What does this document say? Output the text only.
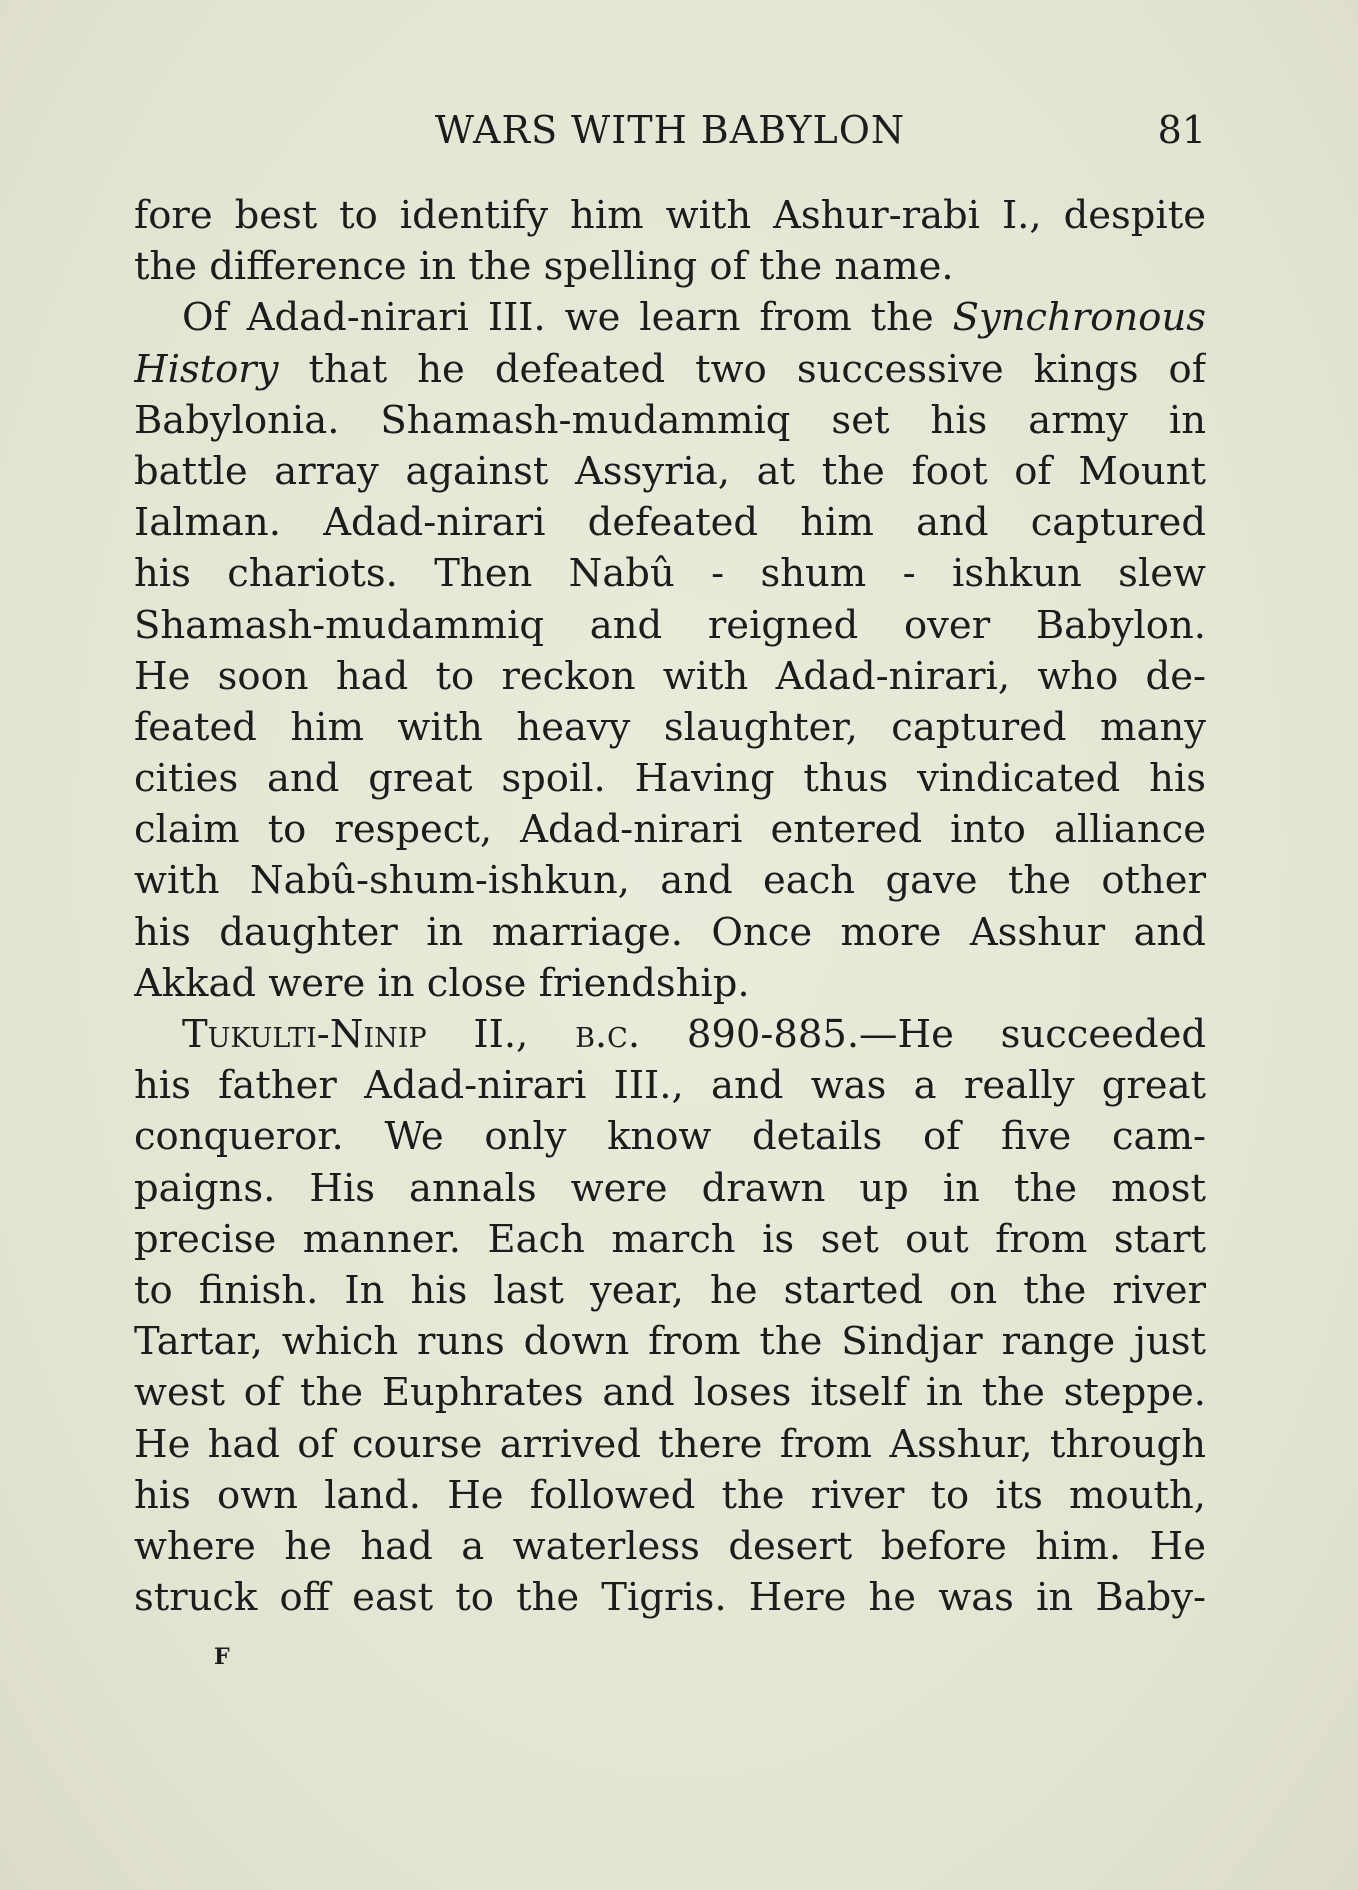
WARS WITH BABYLON	81
fore best to identify him with Ashur-rabi I., despite
the difference in the spelling of the name.
Of Adad-nirari III. we learn from the Synchronous
History that he defeated two successive kings of
Babylonia. Shamash-mudammiq set his army in
battle array against Assyria, at the foot of Mount
Ialman. Adad-nirari defeated him and captured
his chariots. Then Nabû - shum - ishkun slew
Shamash-mudammiq and reigned over Babylon.
He soon had to reckon with Adad-nirari, who de-
feated him with heavy slaughter, captured many
cities and great spoil. Having thus vindicated his
claim to respect, Adad-nirari entered into alliance
with Nabû-shum-ishkun, and each gave the other
his daughter in marriage. Once more Asshur and
Akkad were in close friendship.
Tukulti-Ninip II., b.c. 890-885.—He succeeded
his father Adad-nirari III., and was a really great
conqueror. We only know details of five cam-
paigns. His annals were drawn up in the most
precise manner. Each march is set out from start
to finish. In his last year, he started on the river
Tartar, which runs down from the Sindjar range just
west of the Euphrates and loses itself in the steppe.
He had of course arrived there from Asshur, through
his own land. He followed the river to its mouth,
where he had a waterless desert before him. He
struck off east to the Tigris. Here he was in Baby-
F
